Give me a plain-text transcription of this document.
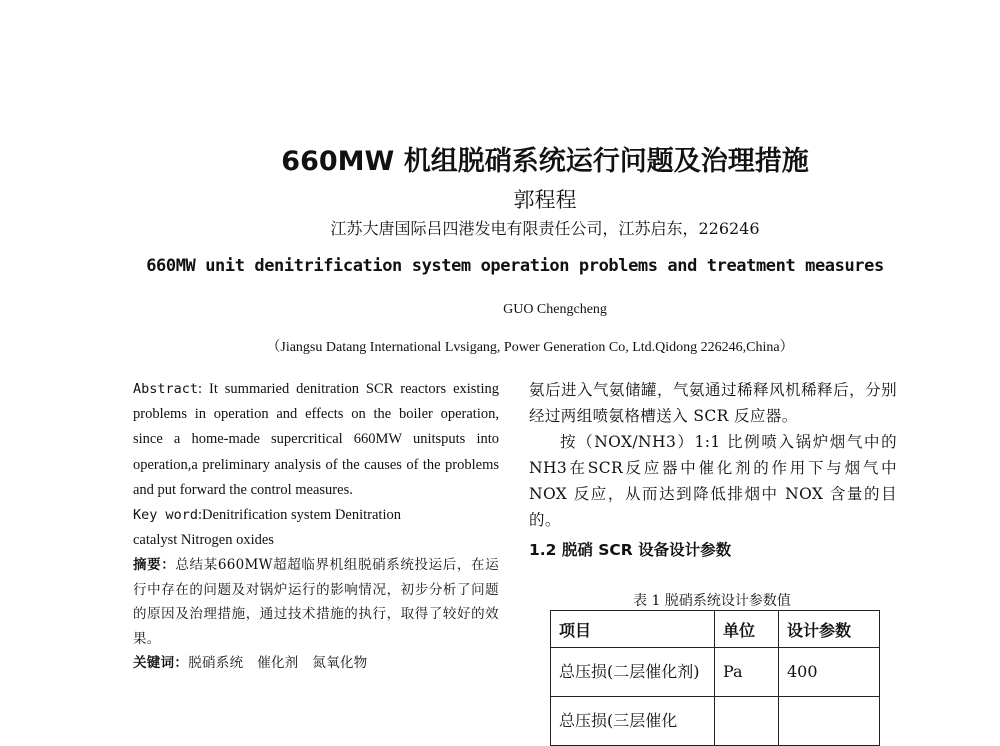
660MW 机组脱硝系统运行问题及治理措施
郭程程
江苏大唐国际吕四港发电有限责任公司，江苏启东，226246
660MW unit denitrification system operation problems and treatment measures
GUO Chengcheng
（Jiangsu Datang International Lvsigang, Power Generation Co, Ltd.Qidong 226246,China）

Abstract: It summaried denitration SCR reactors existing problems in operation and effects on the boiler operation, since a home-made supercritical 660MW unitsputs into operation,a preliminary analysis of the causes of the problems and put forward the control measures.

Key word:Denitrification system Denitration

catalyst Nitrogen oxides

摘要：总结某660MW超超临界机组脱硝系统投运后，在运行中存在的问题及对锅炉运行的影响情况，初步分析了问题的原因及治理措施，通过技术措施的执行，取得了较好的效果。

关键词：脱硝系统　催化剂　氮氧化物

氨后进入气氨储罐，气氨通过稀释风机稀释后，分别经过两组喷氨格槽送入 SCR 反应器。

按（NOX/NH3）1:1 比例喷入锅炉烟气中的NH3在SCR反应器中催化剂的作用下与烟气中 NOX 反应，从而达到降低排烟中 NOX 含量的目的。

1.2 脱硝 SCR 设备设计参数
表 1 脱硝系统设计参数值
项目	单位	设计参数
总压损(二层催化剂)	Pa	400
总压损(三层催化		
